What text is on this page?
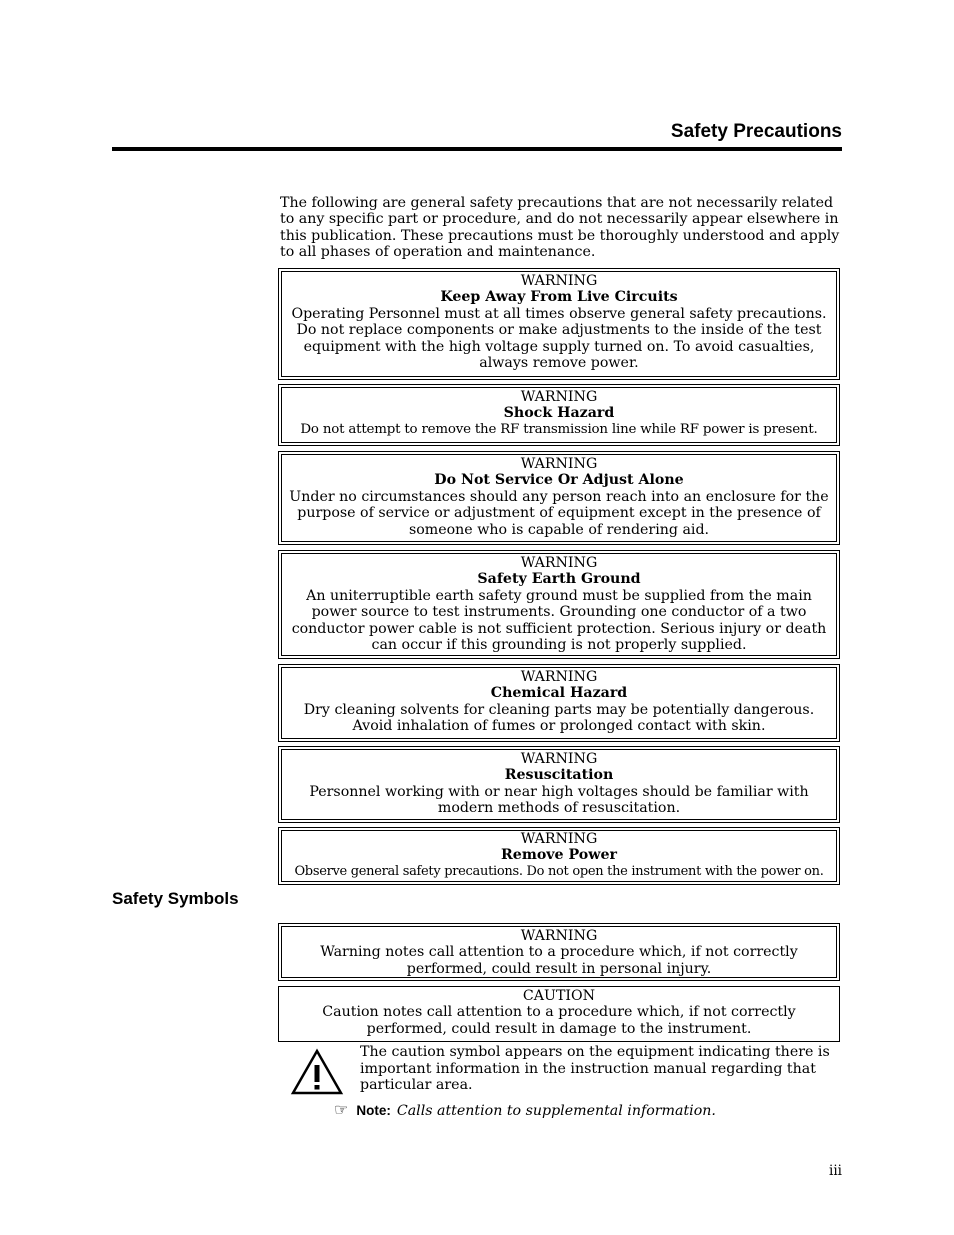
Safety Precautions
The following are general safety precautions that are not necessarily related to any specific part or procedure, and do not necessarily appear elsewhere in this publication. These precautions must be thoroughly understood and apply to all phases of operation and maintenance.
WARNING
Keep Away From Live Circuits
Operating Personnel must at all times observe general safety precautions. Do not replace components or make adjustments to the inside of the test equipment with the high voltage supply turned on. To avoid casualties, always remove power.
WARNING
Shock Hazard
Do not attempt to remove the RF transmission line while RF power is present.
WARNING
Do Not Service Or Adjust Alone
Under no circumstances should any person reach into an enclosure for the purpose of service or adjustment of equipment except in the presence of someone who is capable of rendering aid.
WARNING
Safety Earth Ground
An uniterruptible earth safety ground must be supplied from the main power source to test instruments. Grounding one conductor of a two conductor power cable is not sufficient protection. Serious injury or death can occur if this grounding is not properly supplied.
WARNING
Chemical Hazard
Dry cleaning solvents for cleaning parts may be potentially dangerous. Avoid inhalation of fumes or prolonged contact with skin.
WARNING
Resuscitation
Personnel working with or near high voltages should be familiar with modern methods of resuscitation.
WARNING
Remove Power
Observe general safety precautions. Do not open the instrument with the power on.
Safety Symbols
WARNING
Warning notes call attention to a procedure which, if not correctly performed, could result in personal injury.
CAUTION
Caution notes call attention to a procedure which, if not correctly performed, could result in damage to the instrument.
The caution symbol appears on the equipment indicating there is important information in the instruction manual regarding that particular area.
☞ Note: Calls attention to supplemental information.
iii
